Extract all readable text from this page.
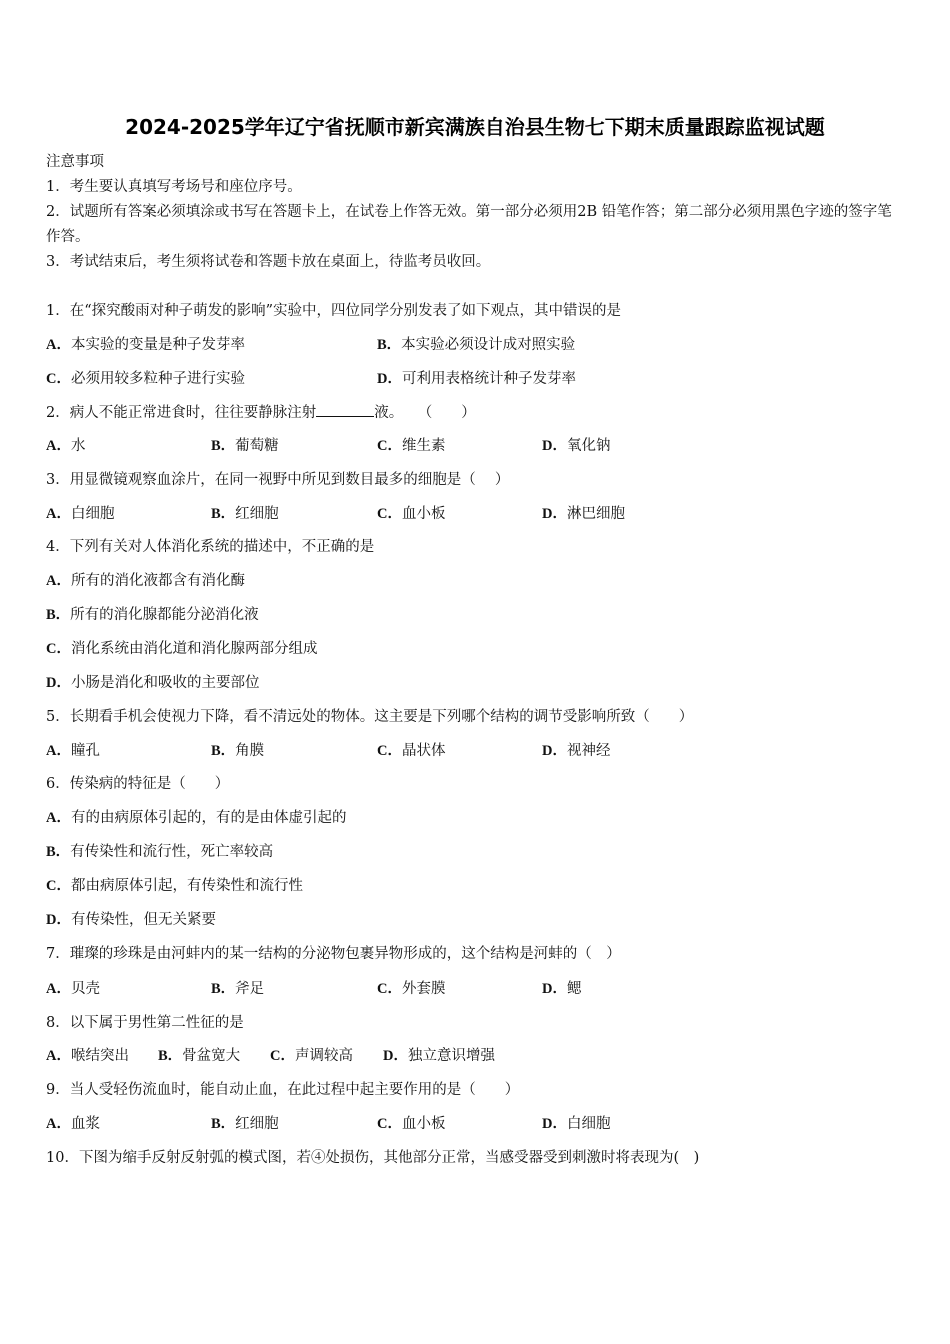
2024-2025学年辽宁省抚顺市新宾满族自治县生物七下期末质量跟踪监视试题
注意事项
1．考生要认真填写考场号和座位序号。
2．试题所有答案必须填涂或书写在答题卡上，在试卷上作答无效。第一部分必须用2B 铅笔作答；第二部分必须用黑色字迹的签字笔作答。
3．考试结束后，考生须将试卷和答题卡放在桌面上，待监考员收回。
1．在“探究酸雨对种子萌发的影响”实验中，四位同学分别发表了如下观点，其中错误的是
A．本实验的变量是种子发芽率	B．本实验必须设计成对照实验
C．必须用较多粒种子进行实验	D．可利用表格统计种子发芽率
2．病人不能正常进食时，往往要静脉注射	液。　　（　　）
A．水	B．葡萄糖	C．维生素	D．氧化钠
3．用显微镜观察血涂片，在同一视野中所见到数目最多的细胞是（　 ）
A．白细胞	B．红细胞	C．血小板	D．淋巴细胞
4．下列有关对人体消化系统的描述中，不正确的是
A．所有的消化液都含有消化酶
B．所有的消化腺都能分泌消化液
C．消化系统由消化道和消化腺两部分组成
D．小肠是消化和吸收的主要部位
5．长期看手机会使视力下降，看不清远处的物体。这主要是下列哪个结构的调节受影响所致（　　）
A．瞳孔	B．角膜	C．晶状体	D．视神经
6．传染病的特征是（　　）
A．有的由病原体引起的，有的是由体虚引起的
B．有传染性和流行性，死亡率较高
C．都由病原体引起，有传染性和流行性
D．有传染性，但无关紧要
7．璀璨的珍珠是由河蚌内的某一结构的分泌物包裹异物形成的，这个结构是河蚌的（　）
A．贝壳	B．斧足	C．外套膜	D．鳃
8．以下属于男性第二性征的是
A．喉结突出 B．骨盆宽大 C．声调较高 D．独立意识增强
9．当人受轻伤流血时，能自动止血，在此过程中起主要作用的是（　　）
A．血浆	B．红细胞	C．血小板	D．白细胞
10．下图为缩手反射反射弧的模式图，若④处损伤，其他部分正常，当感受器受到刺激时将表现为(　)
